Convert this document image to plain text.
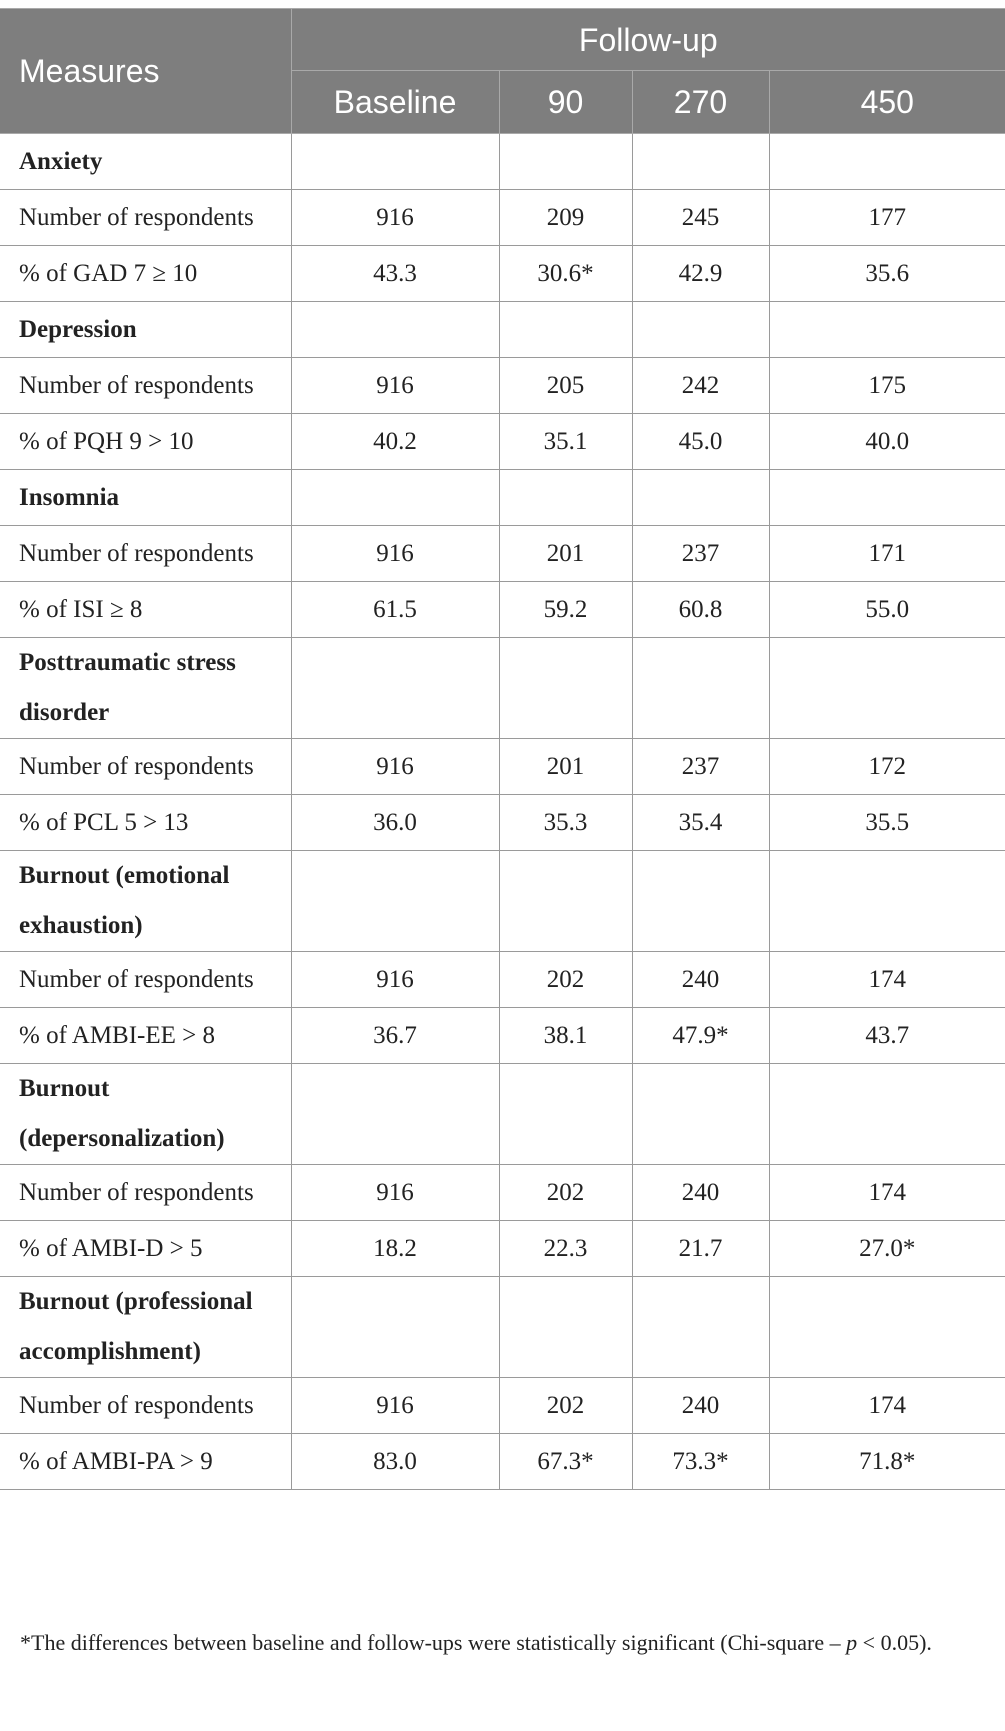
Measures	Follow-up			
	Baseline	90	270	450
Anxiety				
Number of respondents	916	209	245	177
% of GAD 7 ≥ 10	43.3	30.6*	42.9	35.6
Depression				
Number of respondents	916	205	242	175
% of PQH 9 > 10	40.2	35.1	45.0	40.0
Insomnia				
Number of respondents	916	201	237	171
% of ISI ≥ 8	61.5	59.2	60.8	55.0
Posttraumatic stress disorder				
Number of respondents	916	201	237	172
% of PCL 5 > 13	36.0	35.3	35.4	35.5
Burnout (emotional exhaustion)				
Number of respondents	916	202	240	174
% of AMBI-EE > 8	36.7	38.1	47.9*	43.7
Burnout (depersonalization)				
Number of respondents	916	202	240	174
% of AMBI-D > 5	18.2	22.3	21.7	27.0*
Burnout (professional accomplishment)				
Number of respondents	916	202	240	174
% of AMBI-PA > 9	83.0	67.3*	73.3*	71.8*
*The differences between baseline and follow-ups were statistically significant (Chi-square – p < 0.05).
